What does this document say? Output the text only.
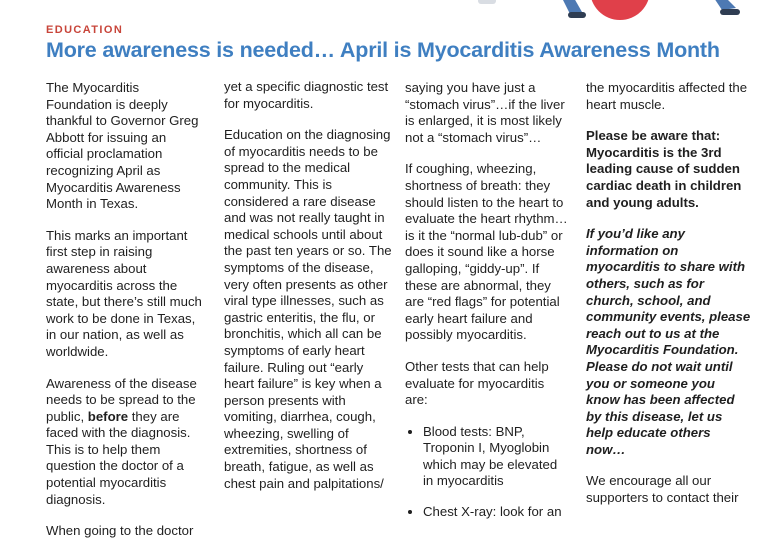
EDUCATION
More awareness is needed… April is Myocarditis Awareness Month

The Myocarditis Foundation is deeply thankful to Governor Greg Abbott for issuing an official proclamation recognizing April as Myocarditis Awareness Month in Texas.

This marks an important first step in raising awareness about myocarditis across the state, but there’s still much work to be done in Texas, in our nation, as well as worldwide.

Awareness of the disease needs to be spread to the public, before they are faced with the diagnosis. This is to help them question the doctor of a potential myocarditis diagnosis.

When going to the doctor

yet a specific diagnostic test for myocarditis.

Education on the diagnosing of myocarditis needs to be spread to the medical community. This is considered a rare disease and was not really taught in medical schools until about the past ten years or so. The symptoms of the disease, very often presents as other viral type illnesses, such as gastric enteritis, the flu, or bronchitis, which all can be symptoms of early heart failure. Ruling out “early heart failure” is key when a person presents with vomiting, diarrhea, cough, wheezing, swelling of extremities, shortness of breath, fatigue, as well as chest pain and palpitations/

saying you have just a “stomach virus”…if the liver is enlarged, it is most likely not a “stomach virus”…

If coughing, wheezing, shortness of breath: they should listen to the heart to evaluate the heart rhythm… is it the “normal lub-dub” or does it sound like a horse galloping, “giddy-up”. If these are abnormal, they are “red flags” for potential early heart failure and possibly myocarditis.

Other tests that can help evaluate for myocarditis are:

• Blood tests: BNP, Troponin I, Myoglobin which may be elevated in myocarditis
• Chest X-ray: look for an

the myocarditis affected the heart muscle.

Please be aware that: Myocarditis is the 3rd leading cause of sudden cardiac death in children and young adults.

If you’d like any information on myocarditis to share with others, such as for church, school, and community events, please reach out to us at the Myocarditis Foundation. Please do not wait until you or someone you know has been affected by this disease, let us help educate others now…

We encourage all our supporters to contact their
